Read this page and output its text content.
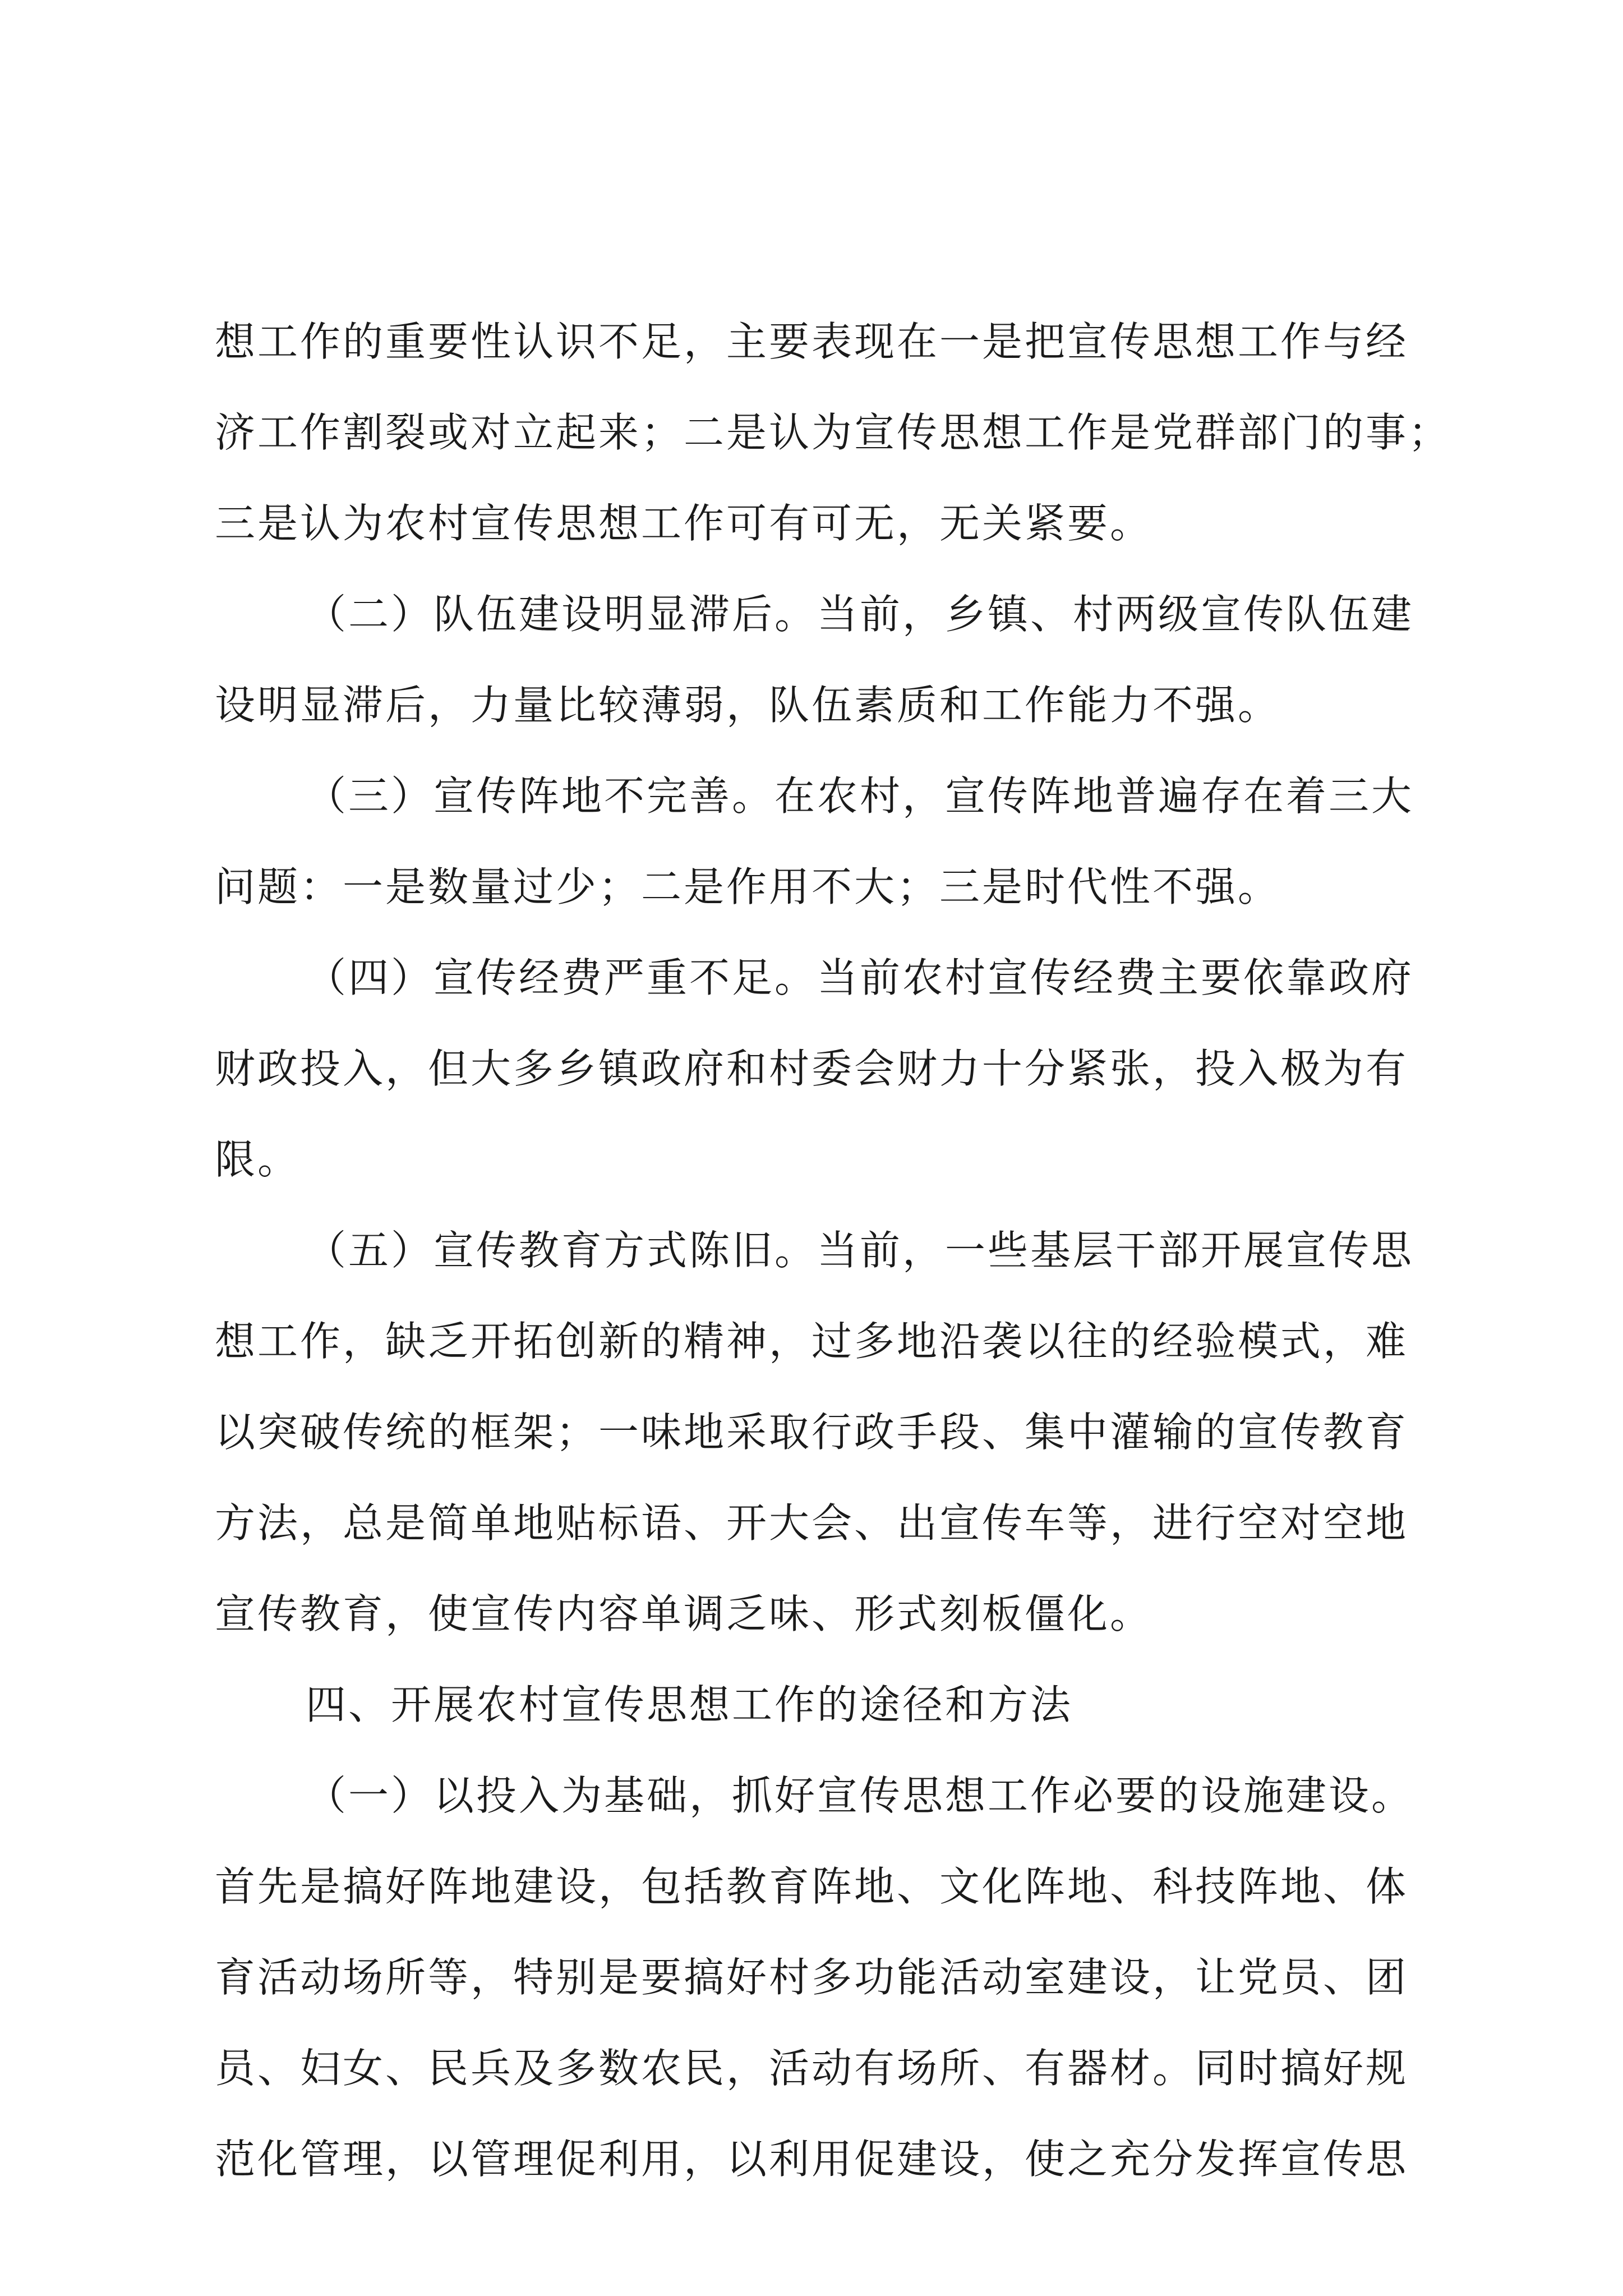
想工作的重要性认识不足，主要表现在一是把宣传思想工作与经
济工作割裂或对立起来；二是认为宣传思想工作是党群部门的事；
三是认为农村宣传思想工作可有可无，无关紧要。
（二）队伍建设明显滞后。当前，乡镇、村两级宣传队伍建
设明显滞后，力量比较薄弱，队伍素质和工作能力不强。
（三）宣传阵地不完善。在农村，宣传阵地普遍存在着三大
问题：一是数量过少；二是作用不大；三是时代性不强。
（四）宣传经费严重不足。当前农村宣传经费主要依靠政府
财政投入，但大多乡镇政府和村委会财力十分紧张，投入极为有
限。
（五）宣传教育方式陈旧。当前，一些基层干部开展宣传思
想工作，缺乏开拓创新的精神，过多地沿袭以往的经验模式，难
以突破传统的框架；一味地采取行政手段、集中灌输的宣传教育
方法，总是简单地贴标语、开大会、出宣传车等，进行空对空地
宣传教育，使宣传内容单调乏味、形式刻板僵化。
四、开展农村宣传思想工作的途径和方法
（一）以投入为基础，抓好宣传思想工作必要的设施建设。
首先是搞好阵地建设，包括教育阵地、文化阵地、科技阵地、体
育活动场所等，特别是要搞好村多功能活动室建设，让党员、团
员、妇女、民兵及多数农民，活动有场所、有器材。同时搞好规
范化管理，以管理促利用，以利用促建设，使之充分发挥宣传思
